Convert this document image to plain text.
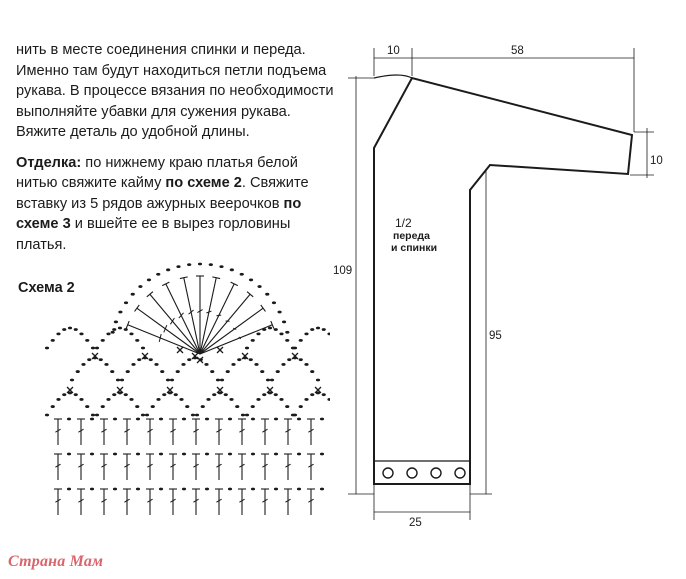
нить в месте соединения спинки и переда. Именно там будут находиться петли подъема рукава. В процессе вязания по необходимости выполняйте убавки для сужения рукава. Вяжите деталь до удобной длины.

Отделка: по нижнему краю платья белой нитью свяжите кайму по схеме 2. Свяжите вставку из 5 рядов ажурных веерочков по схеме 3 и вшейте ее в вырез горловины платья.

Схема 2
10	58
10
109
95
25
1/2
переда
и спинки
Страна Мам
